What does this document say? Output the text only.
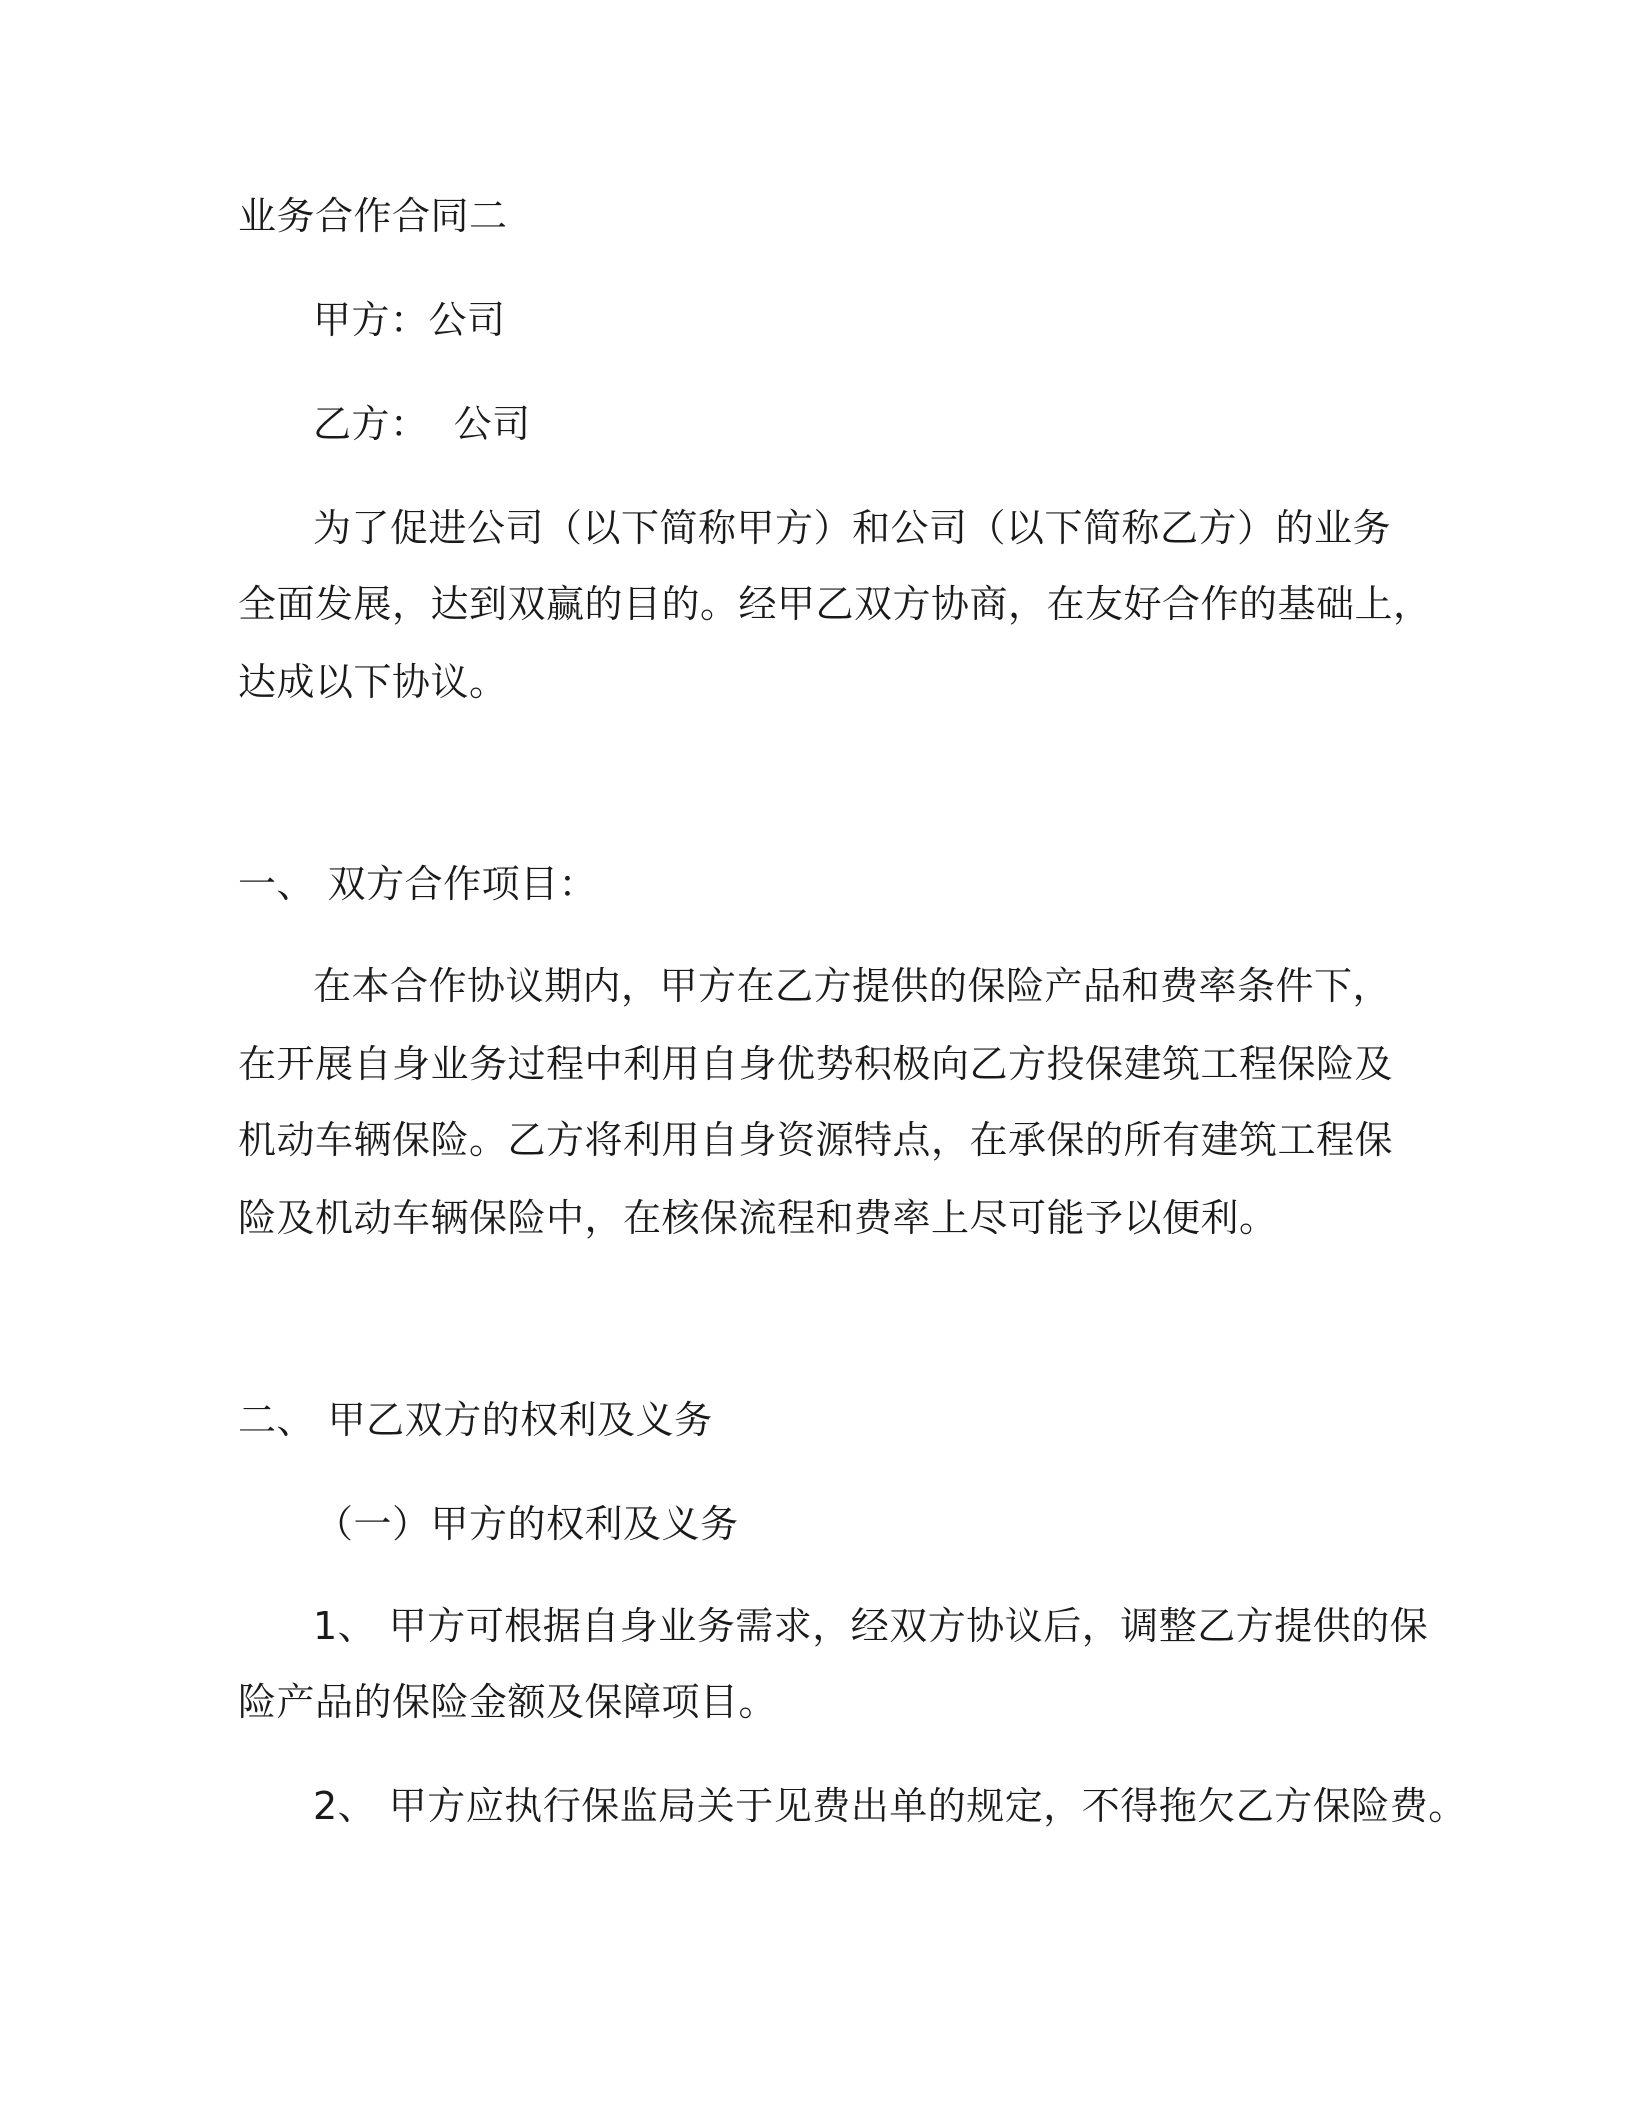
业务合作合同二
甲方：公司
乙方：  公司
为了促进公司（以下简称甲方）和公司（以下简称乙方）的业务
全面发展，达到双赢的目的。经甲乙双方协商，在友好合作的基础上，
达成以下协议。
一、 双方合作项目：
在本合作协议期内，甲方在乙方提供的保险产品和费率条件下，
在开展自身业务过程中利用自身优势积极向乙方投保建筑工程保险及
机动车辆保险。乙方将利用自身资源特点，在承保的所有建筑工程保
险及机动车辆保险中，在核保流程和费率上尽可能予以便利。
二、 甲乙双方的权利及义务
（一）甲方的权利及义务
1、 甲方可根据自身业务需求，经双方协议后，调整乙方提供的保
险产品的保险金额及保障项目。
2、 甲方应执行保监局关于见费出单的规定，不得拖欠乙方保险费。
